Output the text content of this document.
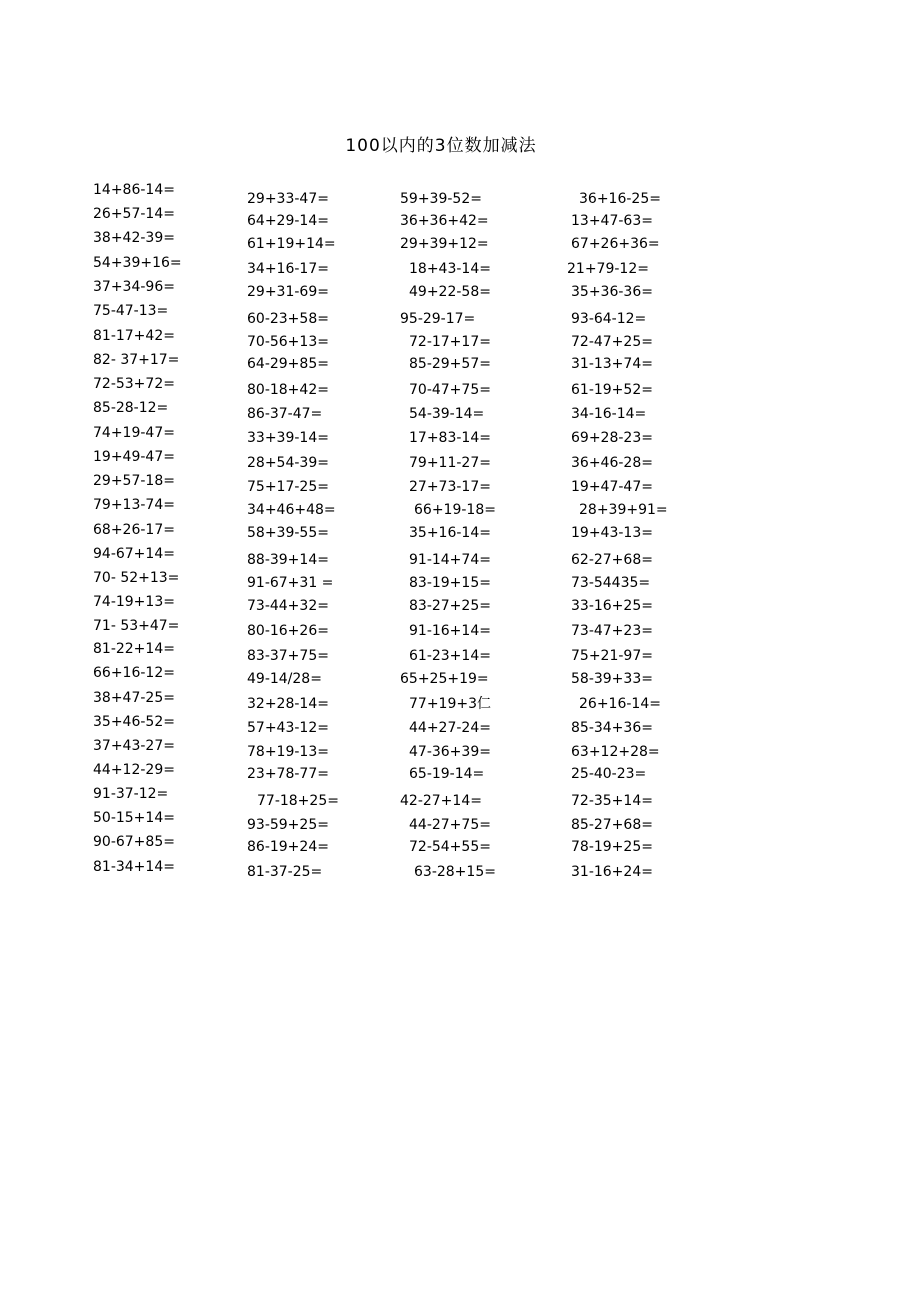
100以内的3位数加减法
14+86-14=
26+57-14=
38+42-39=
54+39+16=
37+34-96=
75-47-13=
81-17+42=
82- 37+17=
72-53+72=
85-28-12=
74+19-47=
19+49-47=
29+57-18=
79+13-74=
68+26-17=
94-67+14=
70- 52+13=
74-19+13=
71- 53+47=
81-22+14=
66+16-12=
38+47-25=
35+46-52=
37+43-27=
44+12-29=
91-37-12=
50-15+14=
90-67+85=
81-34+14=
29+33-47=
64+29-14=
61+19+14=
34+16-17=
29+31-69=
60-23+58=
70-56+13=
64-29+85=
80-18+42=
86-37-47=
33+39-14=
28+54-39=
75+17-25=
34+46+48=
58+39-55=
88-39+14=
91-67+31 =
73-44+32=
80-16+26=
83-37+75=
49-14/28=
32+28-14=
57+43-12=
78+19-13=
23+78-77=
77-18+25=
93-59+25=
86-19+24=
81-37-25=
59+39-52=
36+36+42=
29+39+12=
18+43-14=
49+22-58=
95-29-17=
72-17+17=
85-29+57=
70-47+75=
54-39-14=
17+83-14=
79+11-27=
27+73-17=
66+19-18=
35+16-14=
91-14+74=
83-19+15=
83-27+25=
91-16+14=
61-23+14=
65+25+19=
77+19+3仁
44+27-24=
47-36+39=
65-19-14=
42-27+14=
44-27+75=
72-54+55=
63-28+15=
36+16-25=
13+47-63=
67+26+36=
21+79-12=
35+36-36=
93-64-12=
72-47+25=
31-13+74=
61-19+52=
34-16-14=
69+28-23=
36+46-28=
19+47-47=
28+39+91=
19+43-13=
62-27+68=
73-54435=
33-16+25=
73-47+23=
75+21-97=
58-39+33=
26+16-14=
85-34+36=
63+12+28=
25-40-23=
72-35+14=
85-27+68=
78-19+25=
31-16+24=
